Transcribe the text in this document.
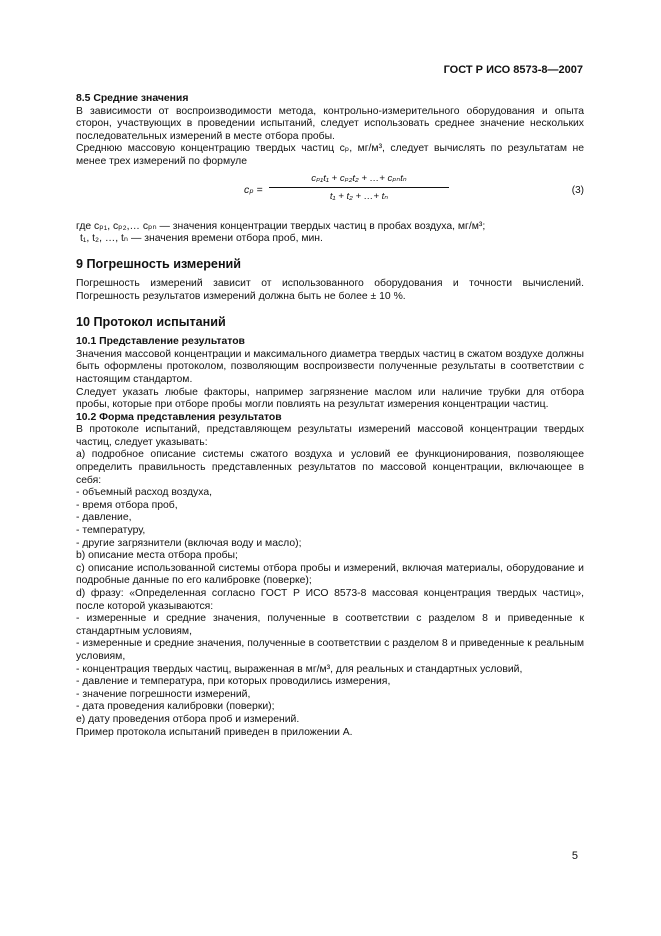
ГОСТ Р ИСО 8573-8—2007

8.5 Средние значения

В зависимости от воспроизводимости метода, контрольно-измерительного оборудования и опыта сторон, участвующих в проведении испытаний, следует использовать среднее значение нескольких последовательных измерений в месте отбора пробы.

Среднюю массовую концентрацию твердых частиц cₚ, мг/м³, следует вычислять по результатам не менее трех измерений по формуле

cₚ =
cₚ₁t₁ + cₚ₂t₂ + …+ cₚₙtₙ
t₁ + t₂ + …+ tₙ
(3)

где cₚ₁, cₚ₂,… cₚₙ — значения концентрации твердых частиц в пробах воздуха, мг/м³;

t₁, t₂, …, tₙ — значения времени отбора проб, мин.

9 Погрешность измерений

Погрешность измерений зависит от использованного оборудования и точности вычислений. Погрешность результатов измерений должна быть не более ± 10 %.

10 Протокол испытаний

10.1 Представление результатов

Значения массовой концентрации и максимального диаметра твердых частиц в сжатом воздухе должны быть оформлены протоколом, позволяющим воспроизвести полученные результаты в соответствии с настоящим стандартом.

Следует указать любые факторы, например загрязнение маслом или наличие трубки для отбора пробы, которые при отборе пробы могли повлиять на результат измерения концентрации частиц.

10.2 Форма представления результатов

В протоколе испытаний, представляющем результаты измерений массовой концентрации твердых частиц, следует указывать:

а) подробное описание системы сжатого воздуха и условий ее функционирования, позволяющее определить правильность представленных результатов по массовой концентрации, включающее в себя:

- объемный расход воздуха,

- время отбора проб,

- давление,

- температуру,

- другие загрязнители (включая воду и масло);

b) описание места отбора пробы;

с) описание использованной системы отбора пробы и измерений, включая материалы, оборудование и подробные данные по его калибровке (поверке);

d) фразу: «Определенная согласно ГОСТ Р ИСО 8573-8 массовая концентрация твердых частиц», после которой указываются:

- измеренные и средние значения, полученные в соответствии с разделом 8 и приведенные к стандартным условиям,

- измеренные и средние значения, полученные в соответствии с разделом 8 и приведенные к реальным условиям,

- концентрация твердых частиц, выраженная в мг/м³, для реальных и стандартных условий,

- давление и температура, при которых проводились измерения,

- значение погрешности измерений,

- дата проведения калибровки (поверки);

е) дату проведения отбора проб и измерений.

Пример протокола испытаний приведен в приложении А.

5
